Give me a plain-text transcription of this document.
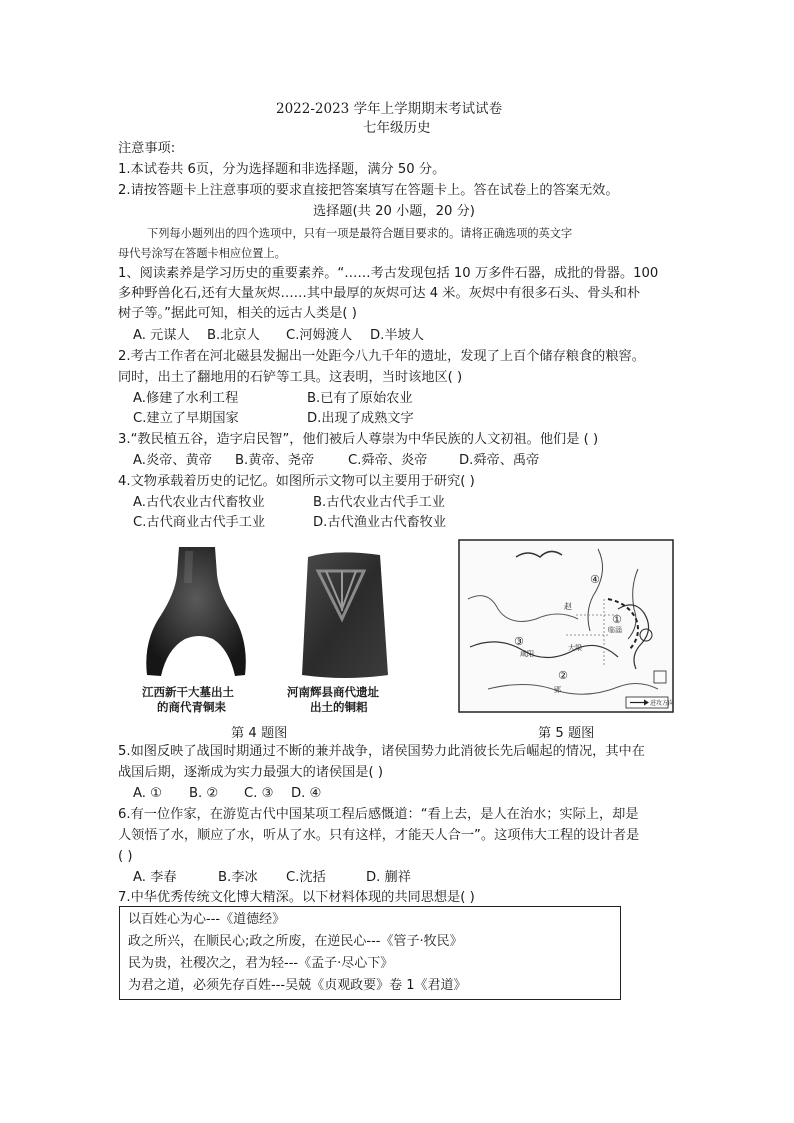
2022-2023 学年上学期期末考试试卷
七年级历史
注意事项:
1.本试卷共 6页，分为选择题和非选择题，满分 50 分。
2.请按答题卡上注意事项的要求直接把答案填写在答题卡上。答在试卷上的答案无效。
选择题(共 20 小题，20 分)
下列每小题列出的四个选项中，只有一项是最符合题目要求的。请将正确选项的英文字
母代号涂写在答题卡相应位置上。
1、阅读素养是学习历史的重要素养。“……考古发现包括 10 万多件石器，成批的骨器。100
多种野兽化石,还有大量灰烬……其中最厚的灰烬可达 4 米。灰烬中有很多石头、骨头和朴
树子等。”据此可知，相关的远古人类是( )
A. 元谋人 B.北京人 C.河姆渡人 D.半坡人
2.考古工作者在河北磁县发掘出一处距今八九千年的遗址，发现了上百个储存粮食的粮窖。
同时，出土了翻地用的石铲等工具。这表明，当时该地区( )
A.修建了水利工程	B.已有了原始农业
C.建立了早期国家	D.出现了成熟文字
3.“教民植五谷，造字启民智”，他们被后人尊崇为中华民族的人文初祖。他们是 ( )
A.炎帝、黄帝 B.黄帝、尧帝	C.舜帝、炎帝 D.舜帝、禹帝
4.文物承载着历史的记忆。如图所示文物可以主要用于研究( )
A.古代农业古代畜牧业	B.古代农业古代手工业
C.古代商业古代手工业	D.古代渔业古代畜牧业
江西新干大墓出土
的商代青铜耒
河南辉县商代遗址
出土的铜耜
①
②
③
④
赵
咸阳
大梁
临淄
郢
进攻方向
第 4 题图	第 5 题图
5.如图反映了战国时期通过不断的兼并战争，诸侯国势力此消彼长先后崛起的情况，其中在
战国后期，逐渐成为实力最强大的诸侯国是( )
A. ① B. ② C. ③ D. ④
6.有一位作家，在游览古代中国某项工程后感慨道：“看上去，是人在治水；实际上，却是
人领悟了水，顺应了水，听从了水。只有这样，才能天人合一”。这项伟大工程的设计者是
( )
A. 李春	B.李冰 C.沈括	D. 蒯祥
7.中华优秀传统文化博大精深。以下材料体现的共同思想是( )
以百姓心为心---《道德经》
政之所兴，在顺民心;政之所废，在逆民心---《管子·牧民》
民为贵，社稷次之，君为轻---《孟子·尽心下》
为君之道，必须先存百姓---吴兢《贞观政要》卷 1《君道》
